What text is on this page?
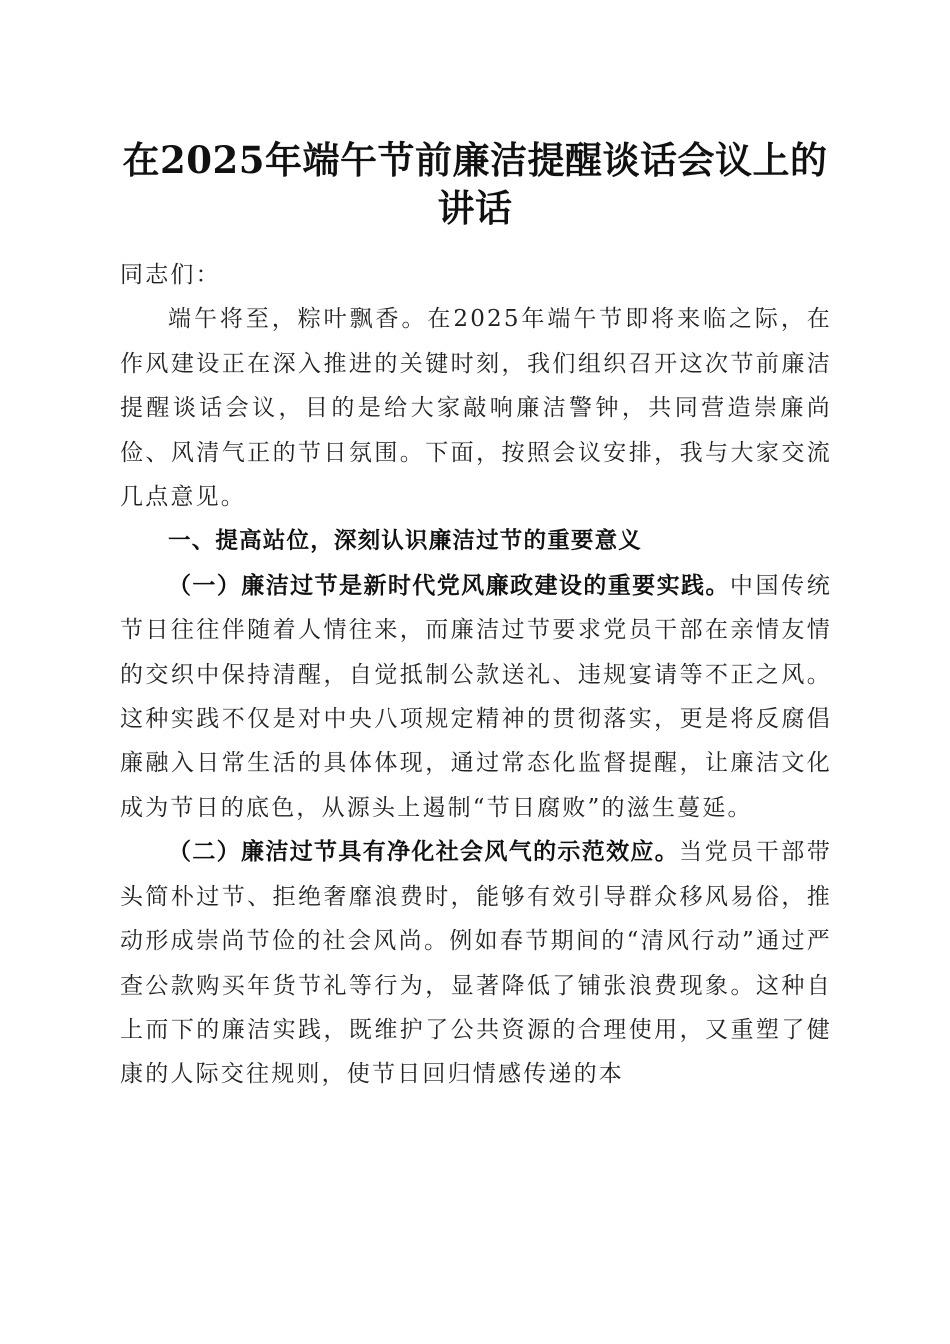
在2025年端午节前廉洁提醒谈话会议上的讲话

同志们：

端午将至，粽叶飘香。在2025年端午节即将来临之际，在作风建设正在深入推进的关键时刻，我们组织召开这次节前廉洁提醒谈话会议，目的是给大家敲响廉洁警钟，共同营造崇廉尚俭、风清气正的节日氛围。下面，按照会议安排，我与大家交流几点意见。

一、提高站位，深刻认识廉洁过节的重要意义

（一）廉洁过节是新时代党风廉政建设的重要实践。中国传统节日往往伴随着人情往来，而廉洁过节要求党员干部在亲情友情的交织中保持清醒，自觉抵制公款送礼、违规宴请等不正之风。这种实践不仅是对中央八项规定精神的贯彻落实，更是将反腐倡廉融入日常生活的具体体现，通过常态化监督提醒，让廉洁文化成为节日的底色，从源头上遏制“节日腐败”的滋生蔓延。

（二）廉洁过节具有净化社会风气的示范效应。当党员干部带头简朴过节、拒绝奢靡浪费时，能够有效引导群众移风易俗，推动形成崇尚节俭的社会风尚。例如春节期间的“清风行动”通过严查公款购买年货节礼等行为，显著降低了铺张浪费现象。这种自上而下的廉洁实践，既维护了公共资源的合理使用，又重塑了健康的人际交往规则，使节日回归情感传递的本
